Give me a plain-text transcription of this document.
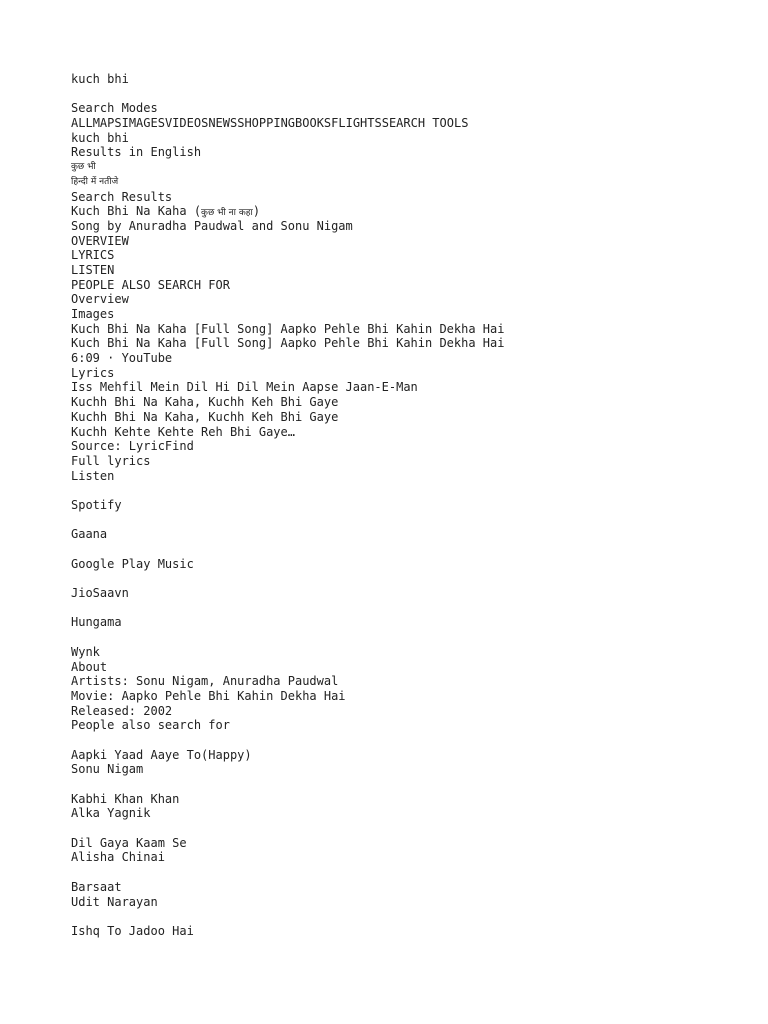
kuch bhi
Search Modes
ALLMAPSIMAGESVIDEOSNEWSSHOPPINGBOOKSFLIGHTSSEARCH TOOLS
kuch bhi
Results in English
कुछ भी
हिन्दी में नतीजे
Search Results
Kuch Bhi Na Kaha (कुछ भी ना कहा)
Song by Anuradha Paudwal and Sonu Nigam
OVERVIEW
LYRICS
LISTEN
PEOPLE ALSO SEARCH FOR
Overview
Images
Kuch Bhi Na Kaha [Full Song] Aapko Pehle Bhi Kahin Dekha Hai
Kuch Bhi Na Kaha [Full Song] Aapko Pehle Bhi Kahin Dekha Hai
6:09 · YouTube
Lyrics
Iss Mehfil Mein Dil Hi Dil Mein Aapse Jaan-E-Man
Kuchh Bhi Na Kaha, Kuchh Keh Bhi Gaye
Kuchh Bhi Na Kaha, Kuchh Keh Bhi Gaye
Kuchh Kehte Kehte Reh Bhi Gaye…
Source: LyricFind
Full lyrics
Listen
Spotify
Gaana
Google Play Music
JioSaavn
Hungama
Wynk
About
Artists: Sonu Nigam, Anuradha Paudwal
Movie: Aapko Pehle Bhi Kahin Dekha Hai
Released: 2002
People also search for
Aapki Yaad Aaye To(Happy)
Sonu Nigam
Kabhi Khan Khan
Alka Yagnik
Dil Gaya Kaam Se
Alisha Chinai
Barsaat
Udit Narayan
Ishq To Jadoo Hai
